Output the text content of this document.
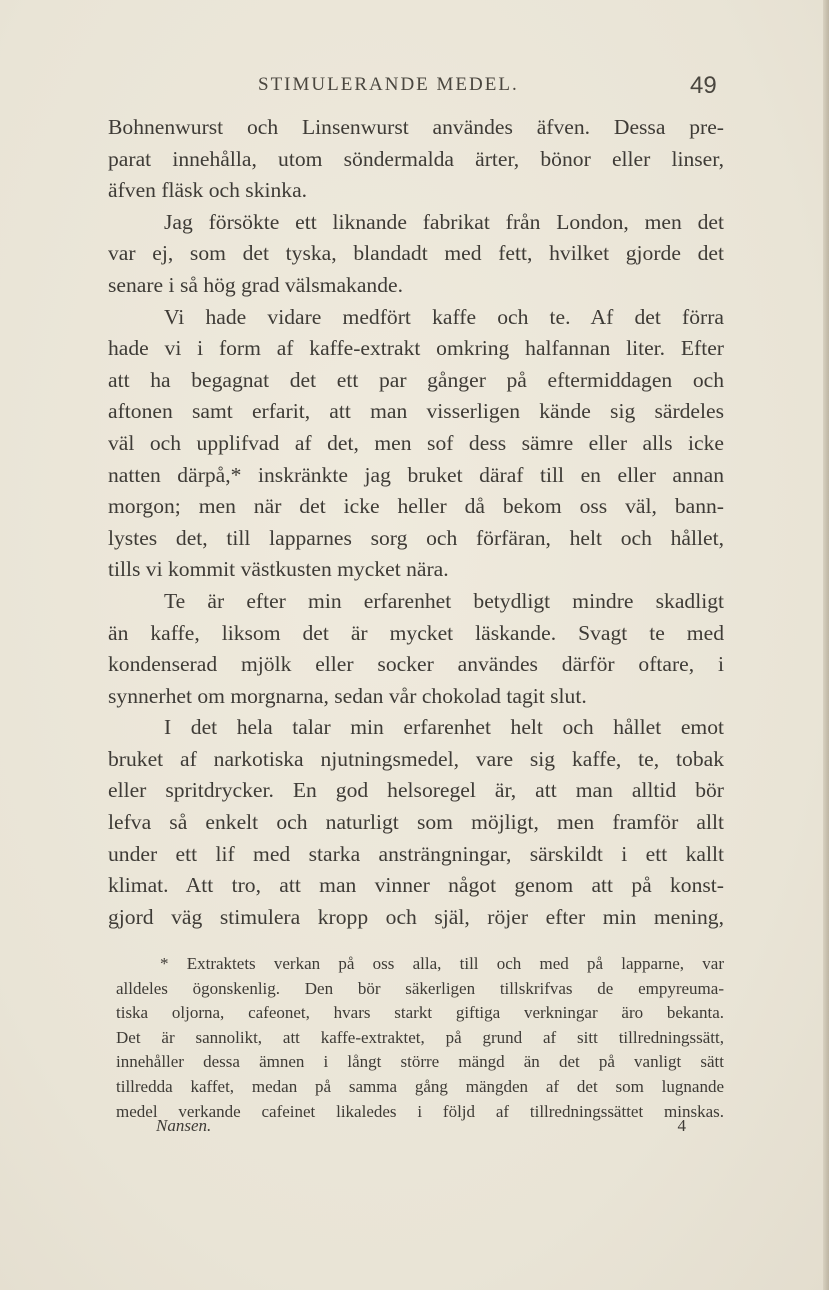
STIMULERANDE MEDEL.	49
Bohnenwurst och Linsenwurst användes äfven. Dessa pre-
parat innehålla, utom söndermalda ärter, bönor eller linser,
äfven fläsk och skinka.
Jag försökte ett liknande fabrikat från London, men det
var ej, som det tyska, blandadt med fett, hvilket gjorde det
senare i så hög grad välsmakande.
Vi hade vidare medfört kaffe och te. Af det förra
hade vi i form af kaffe-extrakt omkring halfannan liter. Efter
att ha begagnat det ett par gånger på eftermiddagen och
aftonen samt erfarit, att man visserligen kände sig särdeles
väl och upplifvad af det, men sof dess sämre eller alls icke
natten därpå,* inskränkte jag bruket däraf till en eller annan
morgon; men när det icke heller då bekom oss väl, bann-
lystes det, till lapparnes sorg och förfäran, helt och hållet,
tills vi kommit västkusten mycket nära.
Te är efter min erfarenhet betydligt mindre skadligt
än kaffe, liksom det är mycket läskande. Svagt te med
kondenserad mjölk eller socker användes därför oftare, i
synnerhet om morgnarna, sedan vår chokolad tagit slut.
I det hela talar min erfarenhet helt och hållet emot
bruket af narkotiska njutningsmedel, vare sig kaffe, te, tobak
eller spritdrycker. En god helsoregel är, att man alltid bör
lefva så enkelt och naturligt som möjligt, men framför allt
under ett lif med starka ansträngningar, särskildt i ett kallt
klimat. Att tro, att man vinner något genom att på konst-
gjord väg stimulera kropp och själ, röjer efter min mening,
* Extraktets verkan på oss alla, till och med på lapparne, var
alldeles ögonskenlig. Den bör säkerligen tillskrifvas de empyreuma-
tiska oljorna, cafeonet, hvars starkt giftiga verkningar äro bekanta.
Det är sannolikt, att kaffe-extraktet, på grund af sitt tillredningssätt,
innehåller dessa ämnen i långt större mängd än det på vanligt sätt
tillredda kaffet, medan på samma gång mängden af det som lugnande
medel verkande cafeinet likaledes i följd af tillredningssättet minskas.
Nansen.	4
